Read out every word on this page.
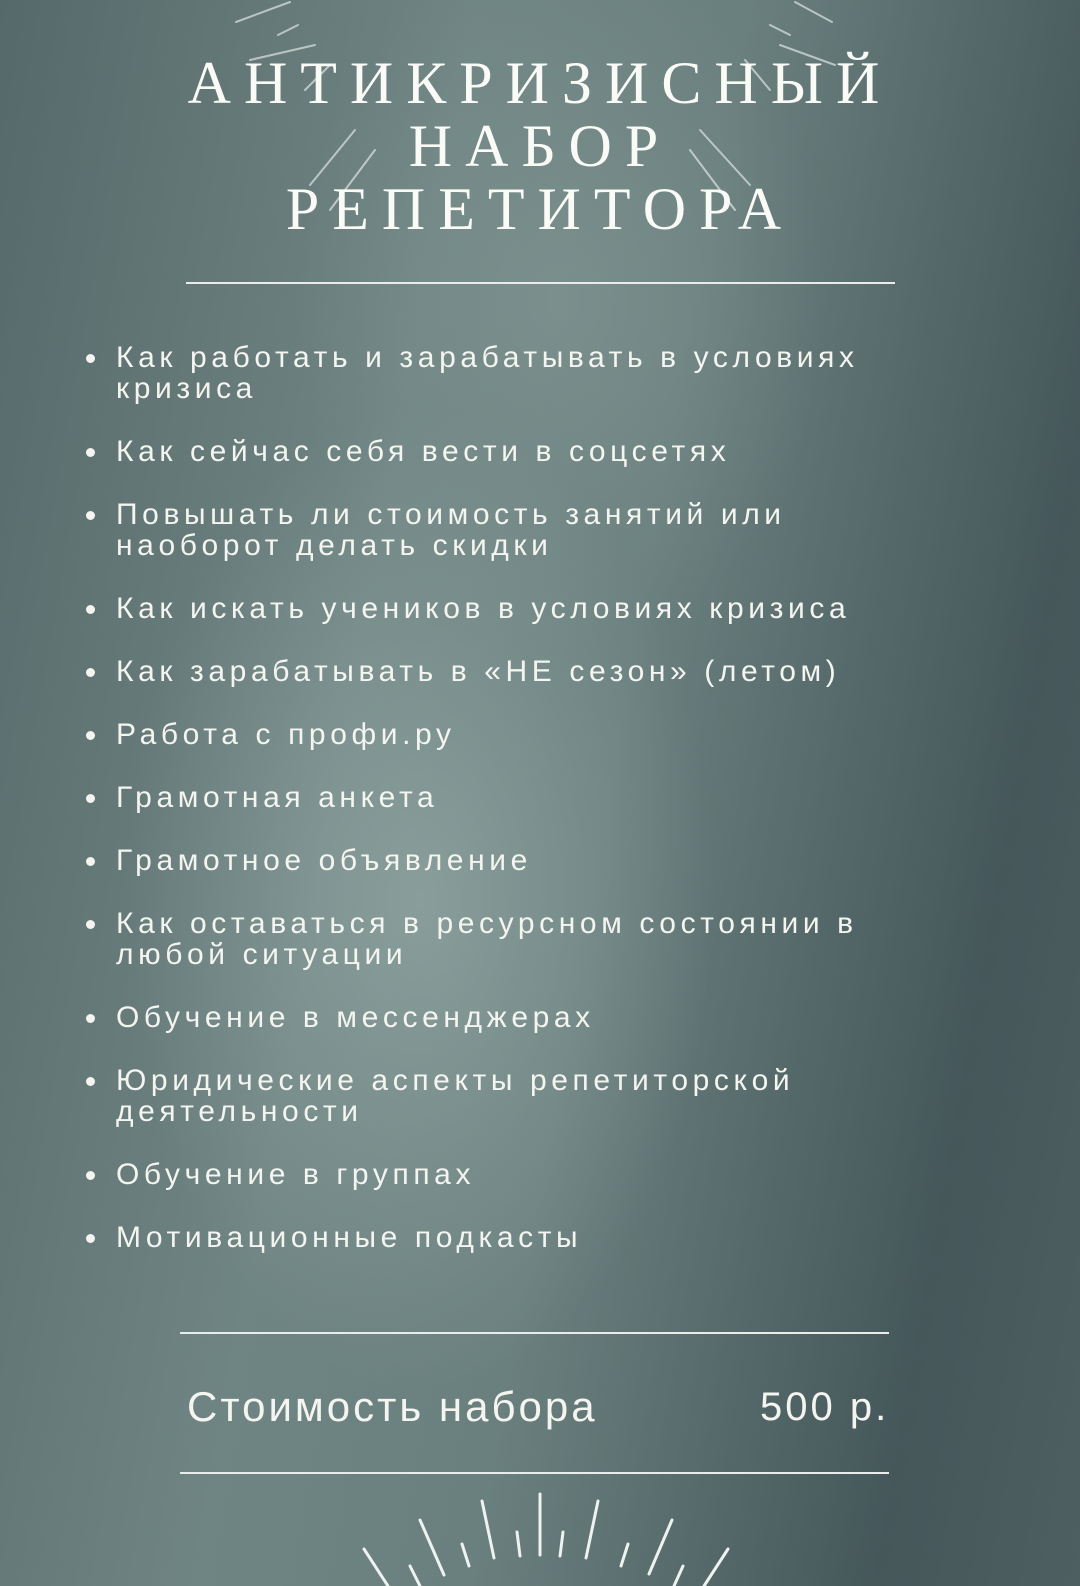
АНТИКРИЗИСНЫЙ
НАБОР
РЕПЕТИТОРА
Как работать и зарабатывать в условиях кризиса
Как сейчас себя вести в соцсетях
Повышать ли стоимость занятий или наоборот делать скидки
Как искать учеников в условиях кризиса
Как зарабатывать в «НЕ сезон» (летом)
Работа с профи.ру
Грамотная анкета
Грамотное объявление
Как оставаться в ресурсном состоянии в любой ситуации
Обучение в мессенджерах
Юридические аспекты репетиторской деятельности
Обучение в группах
Мотивационные подкасты
Стоимость набора	500 р.
